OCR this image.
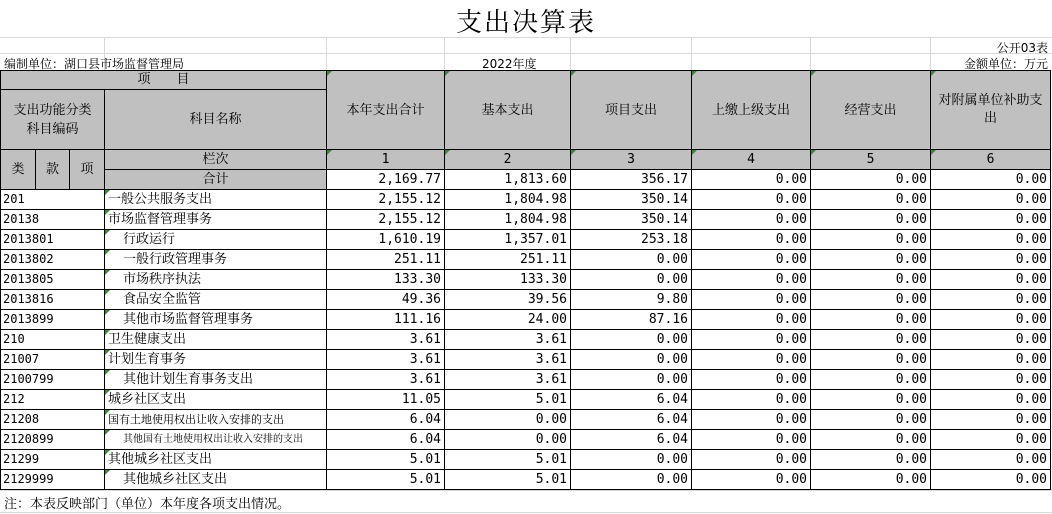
支出决算表
公开03表
编制单位：湖口县市场监督管理局	2022年度	金额单位：万元
项　　目				本年支出合计	基本支出	项目支出	上缴上级支出	经营支出	对附属单位补助支出
支出功能分类
科目编码			科目名称						

类	款	项	栏次	1	2	3	4	5	6
			合计	2,169.77	1,813.60	356.17	0.00	0.00	0.00
201			一般公共服务支出	2,155.12	1,804.98	350.14	0.00	0.00	0.00
20138			市场监督管理事务	2,155.12	1,804.98	350.14	0.00	0.00	0.00
2013801			行政运行	1,610.19	1,357.01	253.18	0.00	0.00	0.00
2013802			一般行政管理事务	251.11	251.11	0.00	0.00	0.00	0.00
2013805			市场秩序执法	133.30	133.30	0.00	0.00	0.00	0.00
2013816			食品安全监管	49.36	39.56	9.80	0.00	0.00	0.00
2013899			其他市场监督管理事务	111.16	24.00	87.16	0.00	0.00	0.00
210			卫生健康支出	3.61	3.61	0.00	0.00	0.00	0.00
21007			计划生育事务	3.61	3.61	0.00	0.00	0.00	0.00
2100799			其他计划生育事务支出	3.61	3.61	0.00	0.00	0.00	0.00
212			城乡社区支出	11.05	5.01	6.04	0.00	0.00	0.00
21208			国有土地使用权出让收入安排的支出	6.04	0.00	6.04	0.00	0.00	0.00
2120899			其他国有土地使用权出让收入安排的支出	6.04	0.00	6.04	0.00	0.00	0.00
21299			其他城乡社区支出	5.01	5.01	0.00	0.00	0.00	0.00
2129999			其他城乡社区支出	5.01	5.01	0.00	0.00	0.00	0.00
注：本表反映部门（单位）本年度各项支出情况。
